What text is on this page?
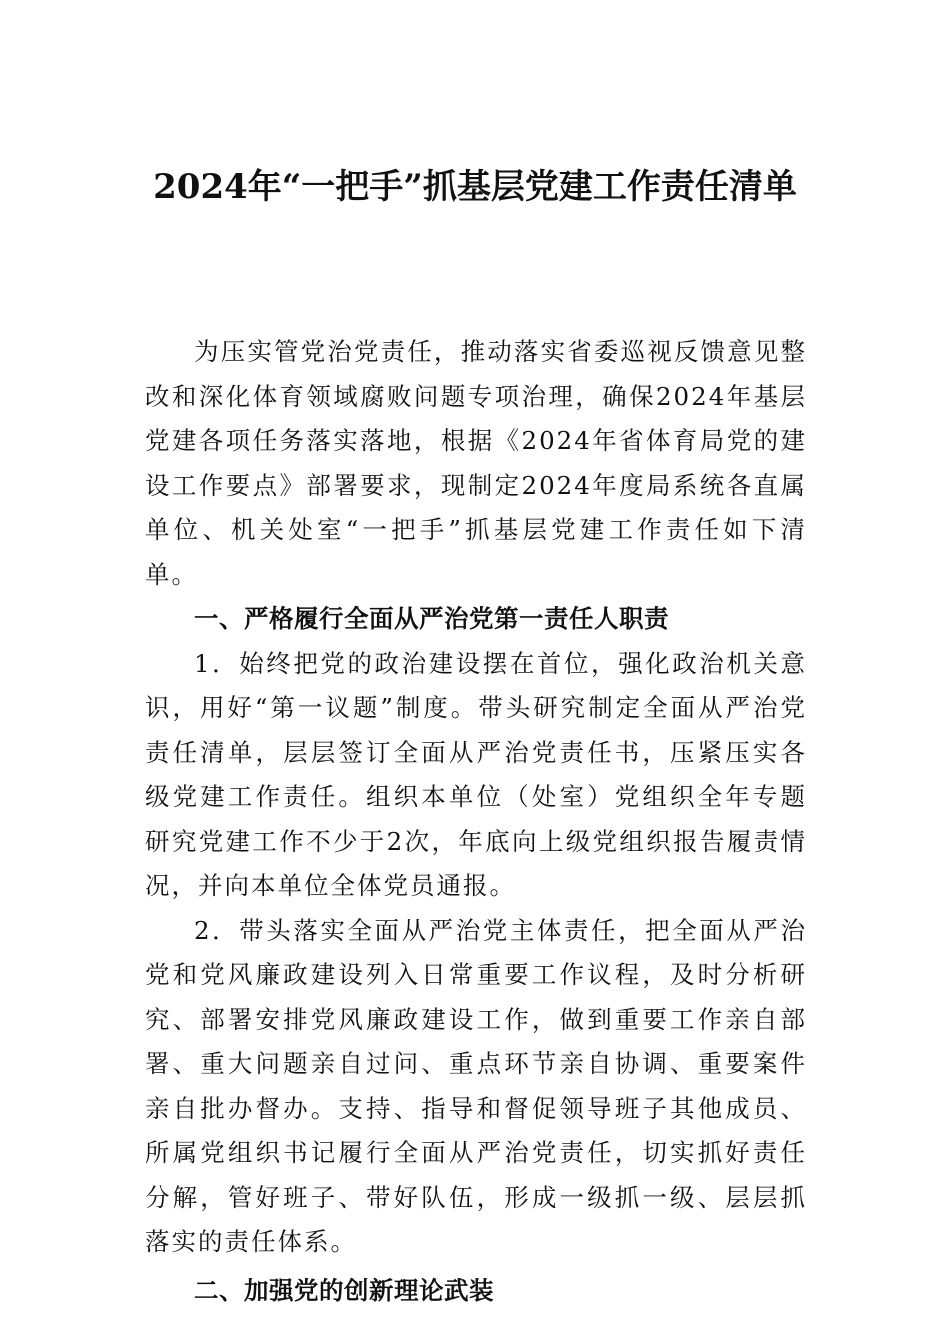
2024年“一把手”抓基层党建工作责任清单

为压实管党治党责任，推动落实省委巡视反馈意见整改和深化体育领域腐败问题专项治理，确保2024年基层党建各项任务落实落地，根据《2024年省体育局党的建设工作要点》部署要求，现制定2024年度局系统各直属单位、机关处室“一把手”抓基层党建工作责任如下清单。

一、严格履行全面从严治党第一责任人职责

1．始终把党的政治建设摆在首位，强化政治机关意识，用好“第一议题”制度。带头研究制定全面从严治党责任清单，层层签订全面从严治党责任书，压紧压实各级党建工作责任。组织本单位（处室）党组织全年专题研究党建工作不少于2次，年底向上级党组织报告履责情况，并向本单位全体党员通报。

2．带头落实全面从严治党主体责任，把全面从严治党和党风廉政建设列入日常重要工作议程，及时分析研究、部署安排党风廉政建设工作，做到重要工作亲自部署、重大问题亲自过问、重点环节亲自协调、重要案件亲自批办督办。支持、指导和督促领导班子其他成员、所属党组织书记履行全面从严治党责任，切实抓好责任分解，管好班子、带好队伍，形成一级抓一级、层层抓落实的责任体系。

二、加强党的创新理论武装
